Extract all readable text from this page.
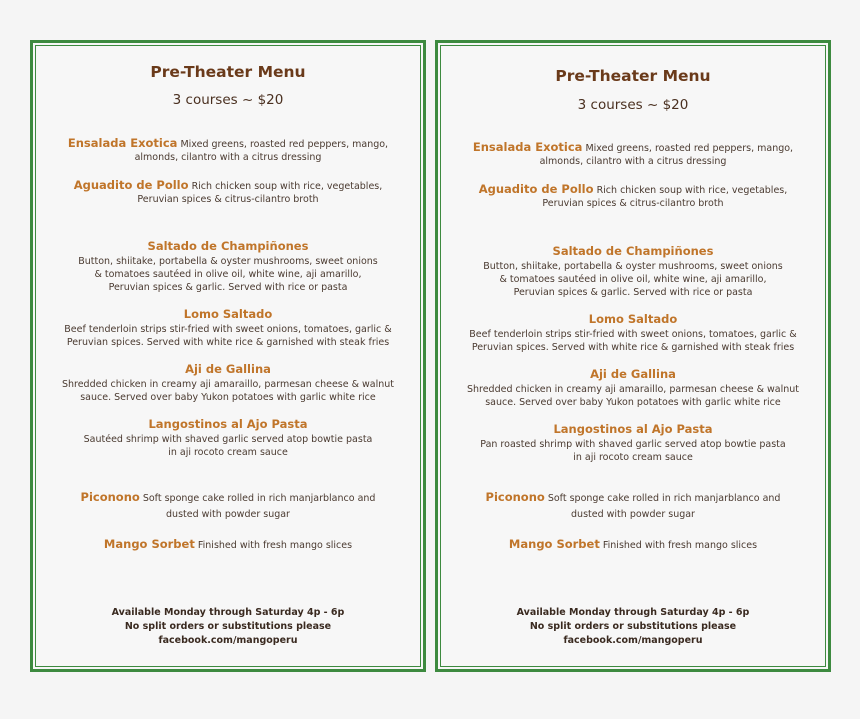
Pre-Theater Menu
3 courses ~ $20
Ensalada Exotica Mixed greens, roasted red peppers, mango,
almonds, cilantro with a citrus dressing
Aguadito de Pollo Rich chicken soup with rice, vegetables,
Peruvian spices & citrus-cilantro broth
Saltado de Champiñones
Button, shiitake, portabella & oyster mushrooms, sweet onions
& tomatoes sautéed in olive oil, white wine, aji amarillo,
Peruvian spices & garlic. Served with rice or pasta
Lomo Saltado
Beef tenderloin strips stir-fried with sweet onions, tomatoes, garlic &
Peruvian spices. Served with white rice & garnished with steak fries
Aji de Gallina
Shredded chicken in creamy aji amaraillo, parmesan cheese & walnut
sauce. Served over baby Yukon potatoes with garlic white rice
Langostinos al Ajo Pasta
Sautéed shrimp with shaved garlic served atop bowtie pasta
in aji rocoto cream sauce
Piconono Soft sponge cake rolled in rich manjarblanco and
dusted with powder sugar
Mango Sorbet Finished with fresh mango slices
Available Monday through Saturday 4p - 6p
No split orders or substitutions please
facebook.com/mangoperu
Pre-Theater Menu
3 courses ~ $20
Ensalada Exotica Mixed greens, roasted red peppers, mango,
almonds, cilantro with a citrus dressing
Aguadito de Pollo Rich chicken soup with rice, vegetables,
Peruvian spices & citrus-cilantro broth
Saltado de Champiñones
Button, shiitake, portabella & oyster mushrooms, sweet onions
& tomatoes sautéed in olive oil, white wine, aji amarillo,
Peruvian spices & garlic. Served with rice or pasta
Lomo Saltado
Beef tenderloin strips stir-fried with sweet onions, tomatoes, garlic &
Peruvian spices. Served with white rice & garnished with steak fries
Aji de Gallina
Shredded chicken in creamy aji amaraillo, parmesan cheese & walnut
sauce. Served over baby Yukon potatoes with garlic white rice
Langostinos al Ajo Pasta
Pan roasted shrimp with shaved garlic served atop bowtie pasta
in aji rocoto cream sauce
Piconono Soft sponge cake rolled in rich manjarblanco and
dusted with powder sugar
Mango Sorbet Finished with fresh mango slices
Available Monday through Saturday 4p - 6p
No split orders or substitutions please
facebook.com/mangoperu
